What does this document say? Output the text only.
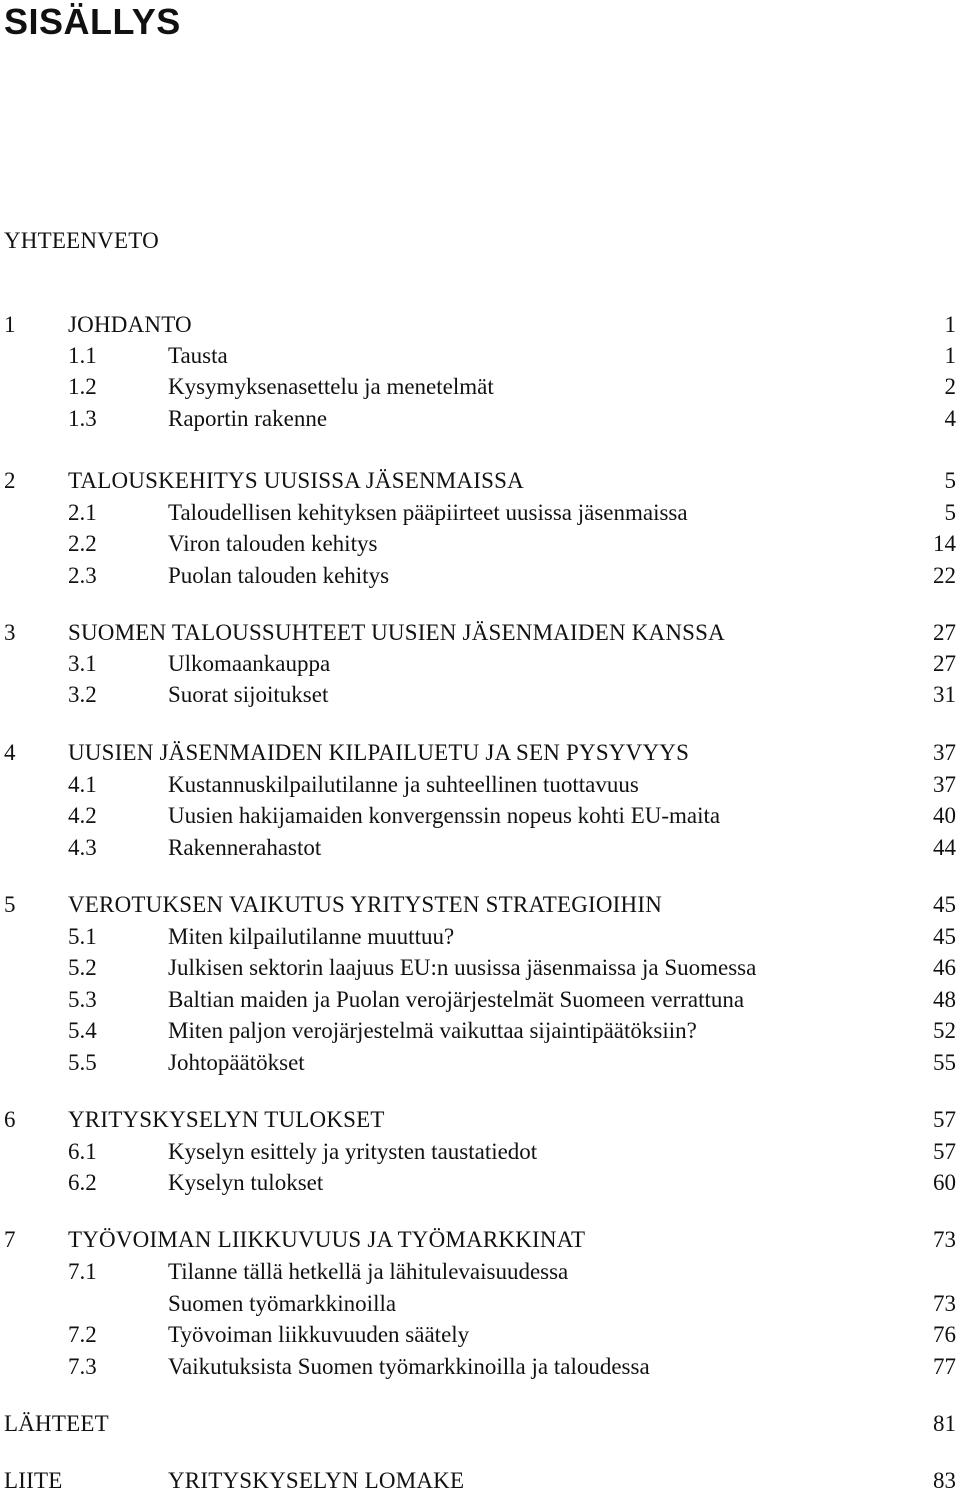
SISÄLLYS
YHTEENVETO
1 JOHDANTO	1
1.1	Tausta	1
1.2	Kysymyksenasettelu ja menetelmät	2
1.3	Raportin rakenne	4
2 TALOUSKEHITYS UUSISSA JÄSENMAISSA	5
2.1	Taloudellisen kehityksen pääpiirteet uusissa jäsenmaissa	5
2.2	Viron talouden kehitys	14
2.3	Puolan talouden kehitys	22
3 SUOMEN TALOUSSUHTEET UUSIEN JÄSENMAIDEN KANSSA	27
3.1	Ulkomaankauppa	27
3.2	Suorat sijoitukset	31
4 UUSIEN JÄSENMAIDEN KILPAILUETU JA SEN PYSYVYYS	37
4.1	Kustannuskilpailutilanne ja suhteellinen tuottavuus	37
4.2	Uusien hakijamaiden konvergenssin nopeus kohti EU-maita	40
4.3	Rakennerahastot	44
5 VEROTUKSEN VAIKUTUS YRITYSTEN STRATEGIOIHIN	45
5.1	Miten kilpailutilanne muuttuu?	45
5.2	Julkisen sektorin laajuus EU:n uusissa jäsenmaissa ja Suomessa	46
5.3	Baltian maiden ja Puolan verojärjestelmät Suomeen verrattuna	48
5.4	Miten paljon verojärjestelmä vaikuttaa sijaintipäätöksiin?	52
5.5	Johtopäätökset	55
6 YRITYSKYSELYN TULOKSET	57
6.1	Kyselyn esittely ja yritysten taustatiedot	57
6.2	Kyselyn tulokset	60
7 TYÖVOIMAN LIIKKUVUUS JA TYÖMARKKINAT	73
7.1	Tilanne tällä hetkellä ja lähitulevaisuudessa
Suomen työmarkkinoilla	73
7.2	Työvoiman liikkuvuuden säätely	76
7.3	Vaikutuksista Suomen työmarkkinoilla ja taloudessa	77
LÄHTEET	81
LIITE	YRITYSKYSELYN LOMAKE	83
